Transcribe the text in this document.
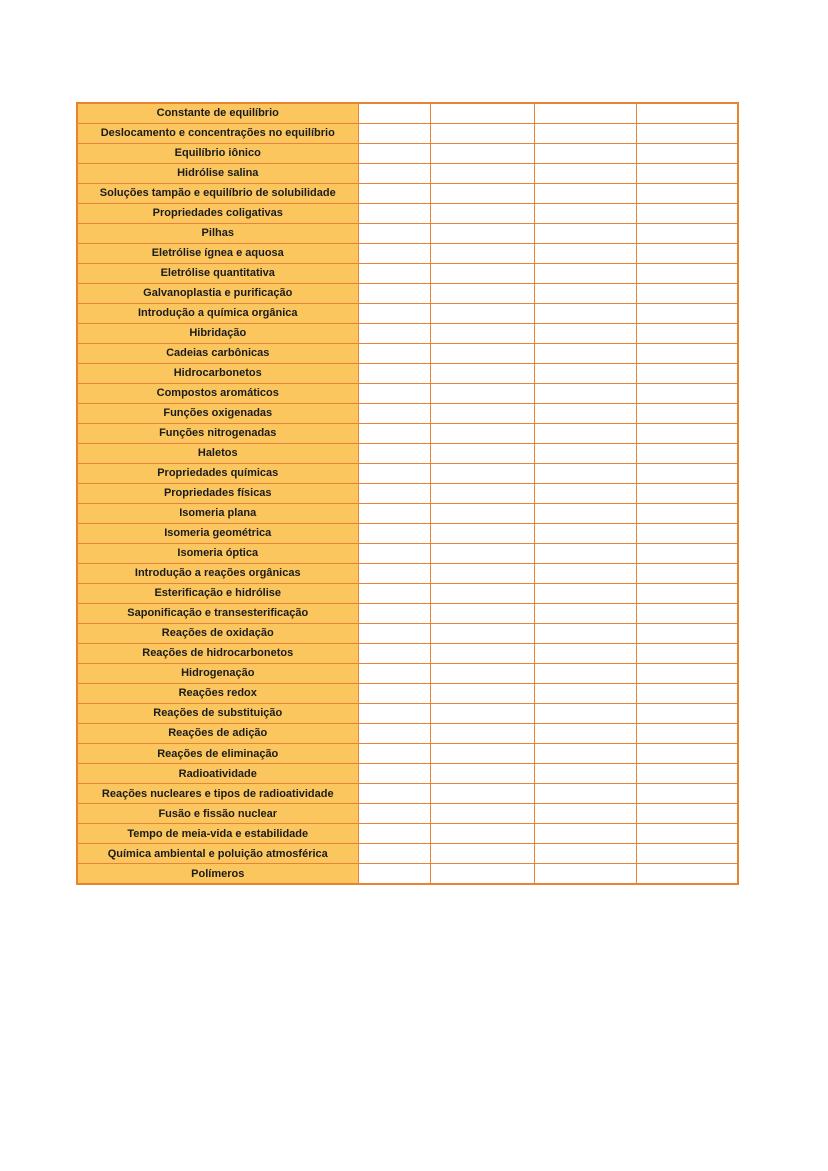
Constante de equilíbrio				
Deslocamento e concentrações no equilíbrio				
Equilíbrio iônico				
Hidrólise salina				
Soluções tampão e equilíbrio de solubilidade				
Propriedades coligativas				
Pilhas				
Eletrólise ígnea e aquosa				
Eletrólise quantitativa				
Galvanoplastia e purificação				
Introdução a química orgânica				
Hibridação				
Cadeias carbônicas				
Hidrocarbonetos				
Compostos aromáticos				
Funções oxigenadas				
Funções nitrogenadas				
Haletos				
Propriedades químicas				
Propriedades físicas				
Isomeria plana				
Isomeria geométrica				
Isomeria óptica				
Introdução a reações orgânicas				
Esterificação e hidrólise				
Saponificação e transesterificação				
Reações de oxidação				
Reações de hidrocarbonetos				
Hidrogenação				
Reações redox				
Reações de substituição				
Reações de adição				
Reações de eliminação				
Radioatividade				
Reações nucleares e tipos de radioatividade				
Fusão e fissão nuclear				
Tempo de meia-vida e estabilidade				
Química ambiental e poluição atmosférica				
Polímeros				
